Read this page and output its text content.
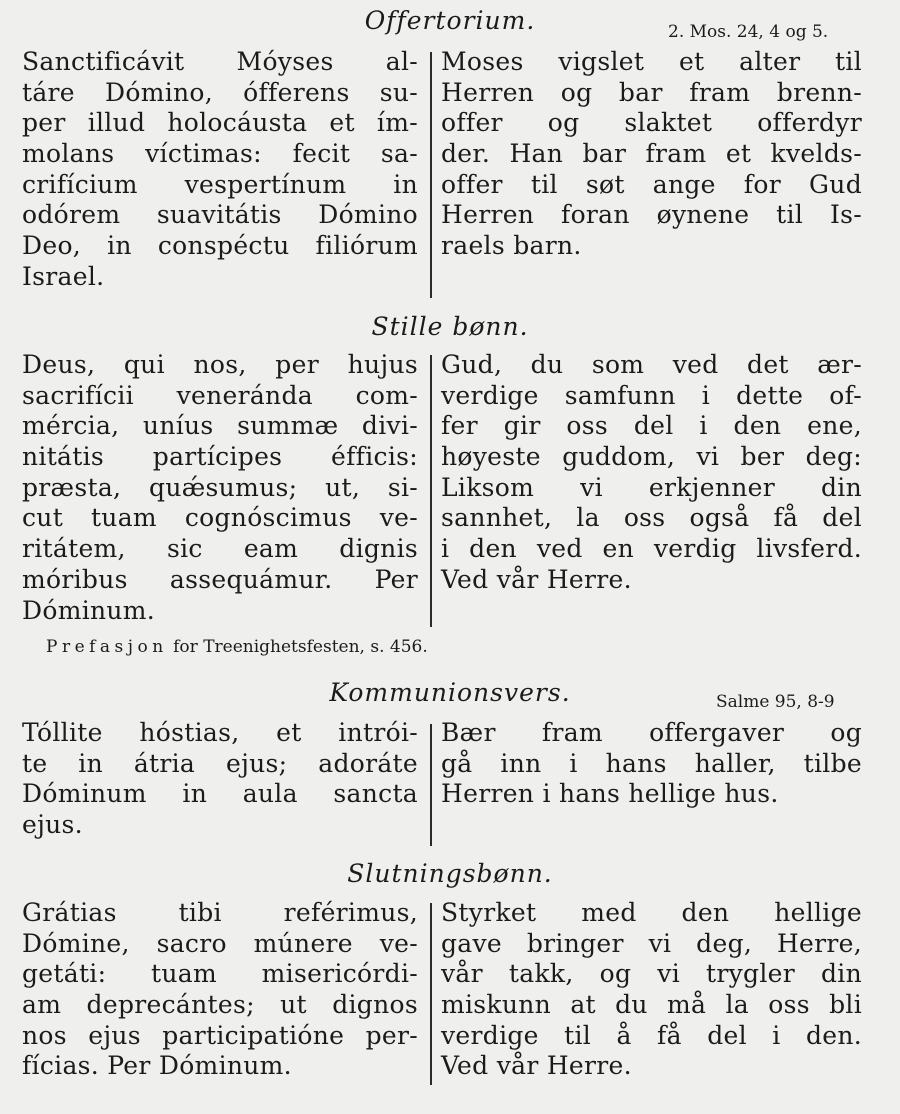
Offertorium.	2. Mos. 24, 4 og 5.
Sanctificávit Móyses al-
táre Dómino, ófferens su-
per illud holocáusta et ím-
molans víctimas: fecit sa-
crifícium vespertínum in
odórem suavitátis Dómino
Deo, in conspéctu filiórum
Israel.
Moses vigslet et alter til
Herren og bar fram brenn-
offer og slaktet offerdyr
der. Han bar fram et kvelds-
offer til søt ange for Gud
Herren foran øynene til Is-
raels barn.
Stille bønn.
Deus, qui nos, per hujus
sacrifícii veneránda com-
mércia, uníus summæ divi-
nitátis partícipes éfficis:
præsta, quǽsumus; ut, si-
cut tuam cognóscimus ve-
ritátem, sic eam dignis
móribus assequámur. Per
Dóminum.
Gud, du som ved det ær-
verdige samfunn i dette of-
fer gir oss del i den ene,
høyeste guddom, vi ber deg:
Liksom vi erkjenner din
sannhet, la oss også få del
i den ved en verdig livsferd.
Ved vår Herre.
Prefasjon for Treenighetsfesten, s. 456.
Kommunionsvers.	Salme 95, 8-9
Tóllite hóstias, et intrói-
te in átria ejus; adoráte
Dóminum in aula sancta
ejus.
Bær fram offergaver og
gå inn i hans haller, tilbe
Herren i hans hellige hus.
Slutningsbønn.
Grátias tibi reférimus,
Dómine, sacro múnere ve-
getáti: tuam misericórdi-
am deprecántes; ut dignos
nos ejus participatióne per-
fícias. Per Dóminum.
Styrket med den hellige
gave bringer vi deg, Herre,
vår takk, og vi trygler din
miskunn at du må la oss bli
verdige til å få del i den.
Ved vår Herre.
